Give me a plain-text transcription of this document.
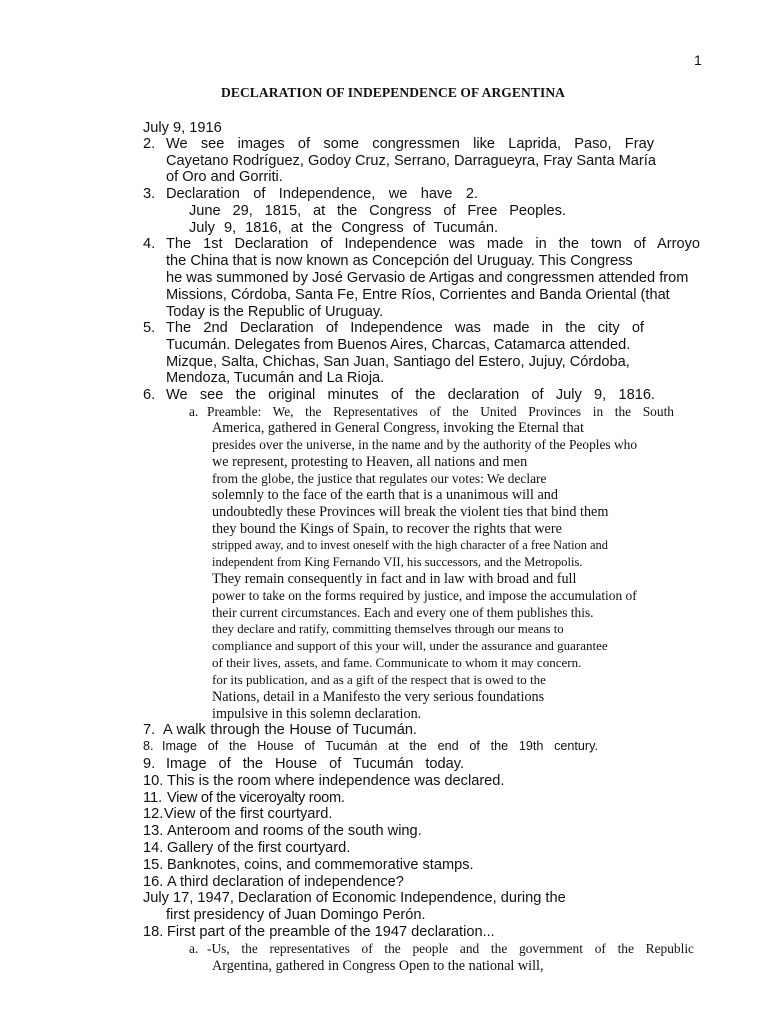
1
DECLARATION OF INDEPENDENCE OF ARGENTINA
July 9, 1916
2. We see images of some congressmen like Laprida, Paso, Fray
Cayetano Rodríguez, Godoy Cruz, Serrano, Darragueyra, Fray Santa María
of Oro and Gorriti.
3. Declaration of Independence, we have 2.
June 29, 1815, at the Congress of Free Peoples.
July 9, 1816, at the Congress of Tucumán.
4. The 1st Declaration of Independence was made in the town of Arroyo
the China that is now known as Concepción del Uruguay. This Congress
he was summoned by José Gervasio de Artigas and congressmen attended from
Missions, Córdoba, Santa Fe, Entre Ríos, Corrientes and Banda Oriental (that
Today is the Republic of Uruguay.
5. The 2nd Declaration of Independence was made in the city of
Tucumán. Delegates from Buenos Aires, Charcas, Catamarca attended.
Mizque, Salta, Chichas, San Juan, Santiago del Estero, Jujuy, Córdoba,
Mendoza, Tucumán and La Rioja.
6. We see the original minutes of the declaration of July 9, 1816.
a. Preamble: We, the Representatives of the United Provinces in the South
America, gathered in General Congress, invoking the Eternal that
presides over the universe, in the name and by the authority of the Peoples who
we represent, protesting to Heaven, all nations and men
from the globe, the justice that regulates our votes: We declare
solemnly to the face of the earth that is a unanimous will and
undoubtedly these Provinces will break the violent ties that bind them
they bound the Kings of Spain, to recover the rights that were
stripped away, and to invest oneself with the high character of a free Nation and
independent from King Fernando VII, his successors, and the Metropolis.
They remain consequently in fact and in law with broad and full
power to take on the forms required by justice, and impose the accumulation of
their current circumstances. Each and every one of them publishes this.
they declare and ratify, committing themselves through our means to
compliance and support of this your will, under the assurance and guarantee
of their lives, assets, and fame. Communicate to whom it may concern.
for its publication, and as a gift of the respect that is owed to the
Nations, detail in a Manifesto the very serious foundations
impulsive in this solemn declaration.
7. A walk through the House of Tucumán.
8. Image of the House of Tucumán at the end of the 19th century.
9. Image of the House of Tucumán today.
10. This is the room where independence was declared.
11. View of the viceroyalty room.
12. View of the first courtyard.
13. Anteroom and rooms of the south wing.
14. Gallery of the first courtyard.
15. Banknotes, coins, and commemorative stamps.
16. A third declaration of independence?
July 17, 1947, Declaration of Economic Independence, during the
first presidency of Juan Domingo Perón.
18. First part of the preamble of the 1947 declaration...
a. -Us, the representatives of the people and the government of the Republic
Argentina, gathered in Congress Open to the national will,
